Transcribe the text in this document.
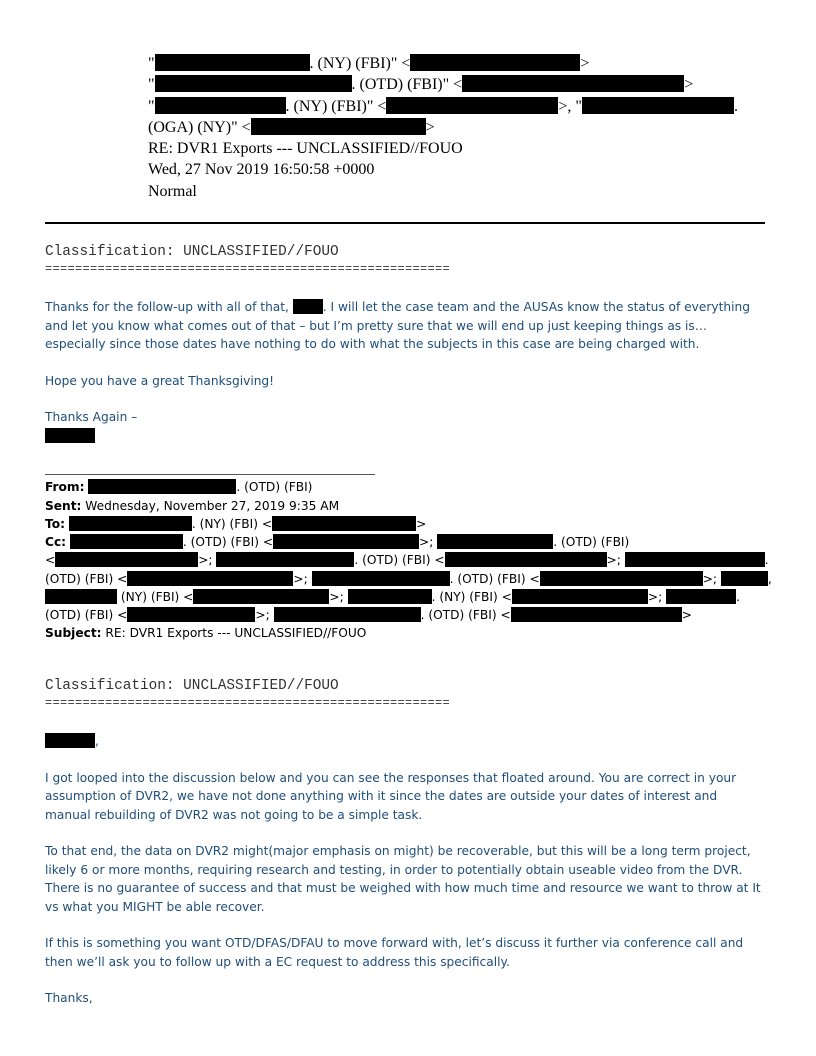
"	. (NY) (FBI)" <	>
"	. (OTD) (FBI)" <	>
"	. (NY) (FBI)" <	>, "	.
(OGA) (NY)" <	>
RE: DVR1 Exports --- UNCLASSIFIED//FOUO
Wed, 27 Nov 2019 16:50:58 +0000
Normal
Classification: UNCLASSIFIED//FOUO
======================================================

Thanks for the follow-up with all of that,	. I will let the case team and the AUSAs know the status of everything and let you know what comes out of that – but I’m pretty sure that we will end up just keeping things as is…especially since those dates have nothing to do with what the subjects in this case are being charged with.

Hope you have a great Thanksgiving!

Thanks Again –

From:	. (OTD) (FBI)
Sent: Wednesday, November 27, 2019 9:35 AM
To:	. (NY) (FBI) <	>
Cc:	. (OTD) (FBI) <	>;	. (OTD) (FBI)
<	>;	. (OTD) (FBI) <	>;	.
(OTD) (FBI) <	>;	. (OTD) (FBI) <	>;	,
(NY) (FBI) <	>;	. (NY) (FBI) <	>;	.
(OTD) (FBI) <	>;	. (OTD) (FBI) <	>
Subject: RE: DVR1 Exports --- UNCLASSIFIED//FOUO
Classification: UNCLASSIFIED//FOUO
======================================================

,

I got looped into the discussion below and you can see the responses that floated around. You are correct in your assumption of DVR2, we have not done anything with it since the dates are outside your dates of interest and manual rebuilding of DVR2 was not going to be a simple task.

To that end, the data on DVR2 might(major emphasis on might) be recoverable, but this will be a long term project, likely 6 or more months, requiring research and testing, in order to potentially obtain useable video from the DVR. There is no guarantee of success and that must be weighed with how much time and resource we want to throw at It vs what you MIGHT be able recover.

If this is something you want OTD/DFAS/DFAU to move forward with, let’s discuss it further via conference call and then we’ll ask you to follow up with a EC request to address this specifically.

Thanks,
